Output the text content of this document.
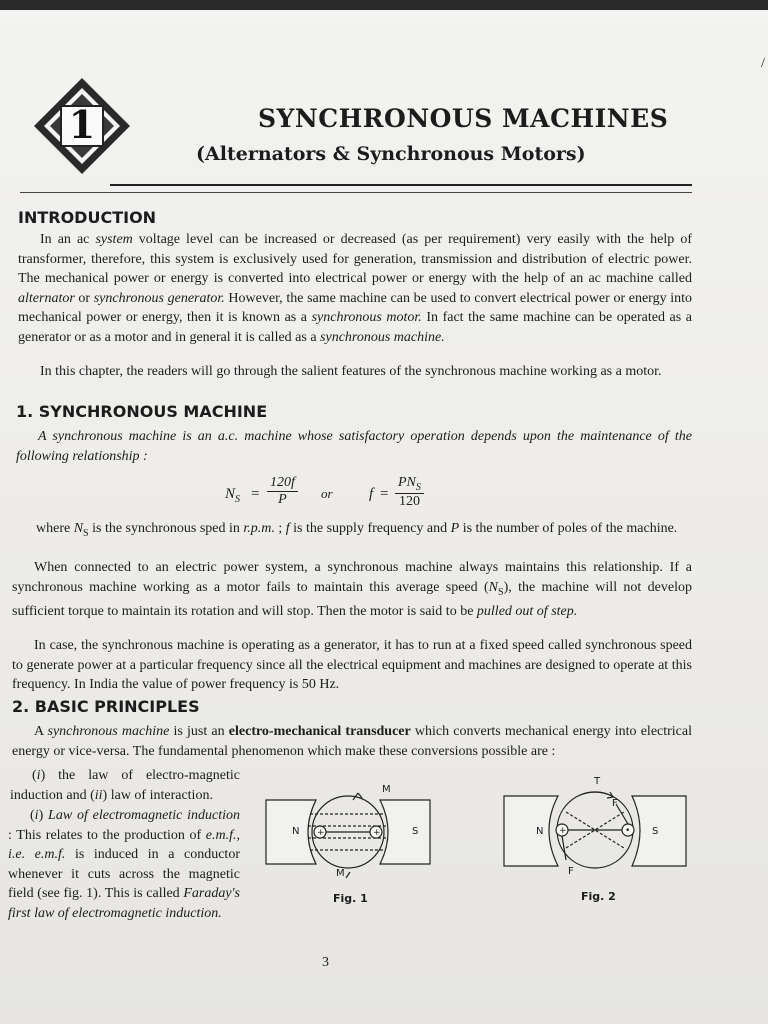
/

1	SYNCHRONOUS MACHINES
(Alternators & Synchronous Motors)
INTRODUCTION

In an ac system voltage level can be increased or decreased (as per requirement) very easily with the help of transformer, therefore, this system is exclusively used for generation, transmission and distribution of electric power. The mechanical power or energy is converted into electrical power or energy with the help of an ac machine called alternator or synchronous generator. However, the same machine can be used to convert electrical power or energy into mechanical power or energy, then it is known as a synchronous motor. In fact the same machine can be operated as a generator or as a motor and in general it is called as a synchronous machine.

In this chapter, the readers will go through the salient features of the synchronous machine working as a motor.

1. SYNCHRONOUS MACHINE

A synchronous machine is an a.c. machine whose satisfactory operation depends upon the maintenance of the following relationship :

$N_S = \frac{120f}{P}$ or f =
$PN_S$
120

where $N_S$ is the synchronous sped in r.p.m. ; f is the supply frequency and P is the number of poles of the machine.

When connected to an electric power system, a synchronous machine always maintains this relationship. If a synchronous machine working as a motor fails to maintain this average speed $(N_S)$, the machine will not develop sufficient torque to maintain its rotation and will stop. Then the motor is said to be pulled out of step.

In case, the synchronous machine is operating as a generator, it has to run at a fixed speed called synchronous speed to generate power at a particular frequency since all the electrical equipment and machines are designed to operate at this frequency. In India the value of power frequency is 50 Hz.

2. BASIC PRINCIPLES

A synchronous machine is just an electro-mechanical transducer which converts mechanical energy into electrical energy or vice-versa. The fundamental phenomenon which make these conversions possible are :

(i) the law of electro-magnetic induction and (ii) law of interaction.

(i) Law of electromagnetic induction : This relates to the production of e.m.f., i.e. e.m.f. is induced in a conductor whenever it cuts across the magnetic field (see fig. 1). This is called Faraday's first law of electromagnetic induction.

+	+
N	S
M
M

Fig. 1

+	•
N	S
T
F
F

Fig. 2

3
